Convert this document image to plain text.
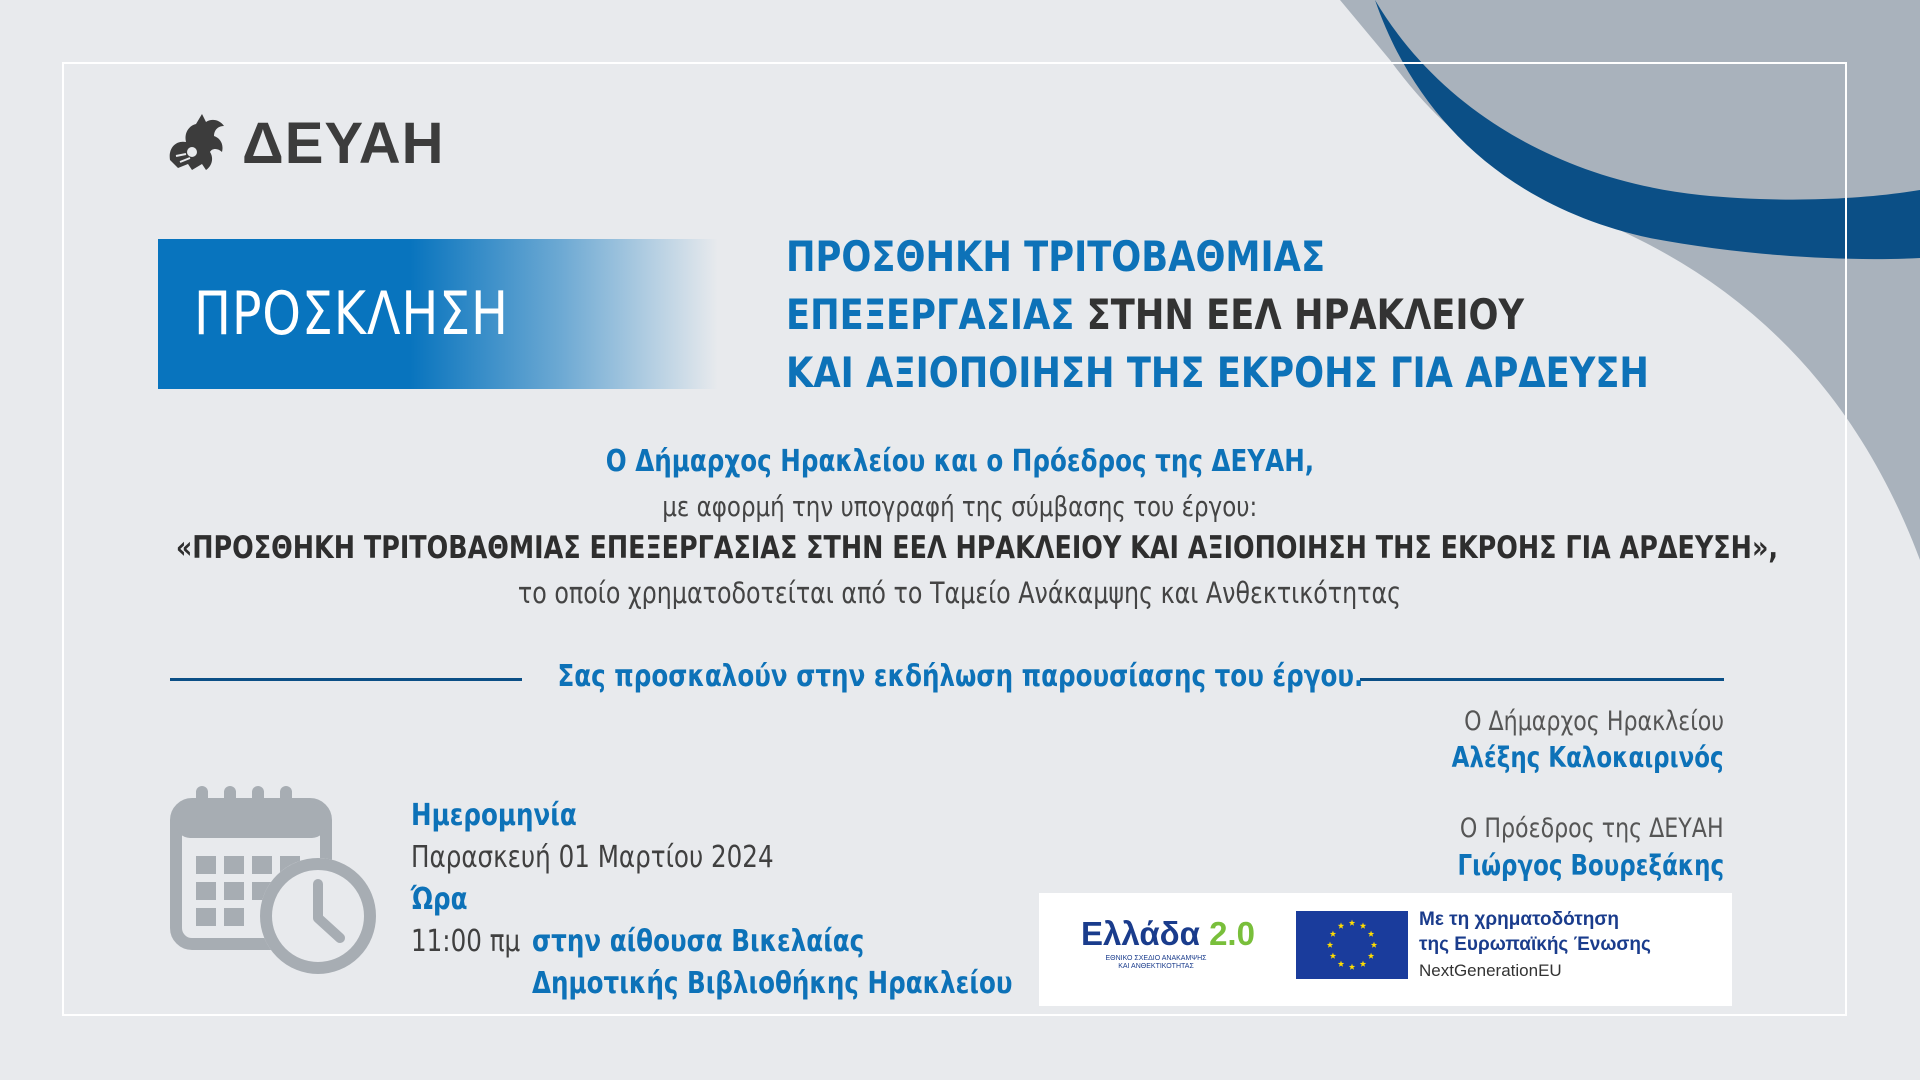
ΔΕΥΑΗ
ΠΡΟΣΚΛΗΣΗ
ΠΡΟΣΘΗΚΗ ΤΡΙΤΟΒΑΘΜΙΑΣ
ΕΠΕΞΕΡΓΑΣΙΑΣ ΣΤΗΝ ΕΕΛ ΗΡΑΚΛΕΙΟΥ
ΚΑΙ ΑΞΙΟΠΟΙΗΣΗ ΤΗΣ ΕΚΡΟΗΣ ΓΙΑ ΑΡΔΕΥΣΗ
Ο Δήμαρχος Ηρακλείου και ο Πρόεδρος της ΔΕΥΑΗ,
με αφορμή την υπογραφή της σύμβασης του έργου:
«ΠΡΟΣΘΗΚΗ ΤΡΙΤΟΒΑΘΜΙΑΣ ΕΠΕΞΕΡΓΑΣΙΑΣ ΣΤΗΝ ΕΕΛ ΗΡΑΚΛΕΙΟΥ ΚΑΙ ΑΞΙΟΠΟΙΗΣΗ ΤΗΣ ΕΚΡΟΗΣ ΓΙΑ ΑΡΔΕΥΣΗ»,
το οποίο χρηματοδοτείται από το Ταμείο Ανάκαμψης και Ανθεκτικότητας
Σας προσκαλούν στην εκδήλωση παρουσίασης του έργου.
Ο Δήμαρχος Ηρακλείου
Αλέξης Καλοκαιρινός
Ο Πρόεδρος της ΔΕΥΑΗ
Γιώργος Βουρεξάκης
Ημερομηνία
Παρασκευή 01 Μαρτίου 2024
Ώρα
11:00 πμ στην αίθουσα Βικελαίας
Δημοτικής Βιβλιοθήκης Ηρακλείου
Ελλάδα 2.0
ΕΘΝΙΚΟ ΣΧΕΔΙΟ ΑΝΑΚΑΜΨΗΣ
ΚΑΙ ΑΝΘΕΚΤΙΚΟΤΗΤΑΣ
Με τη χρηματοδότηση
της Ευρωπαϊκής Ένωσης
NextGenerationEU
